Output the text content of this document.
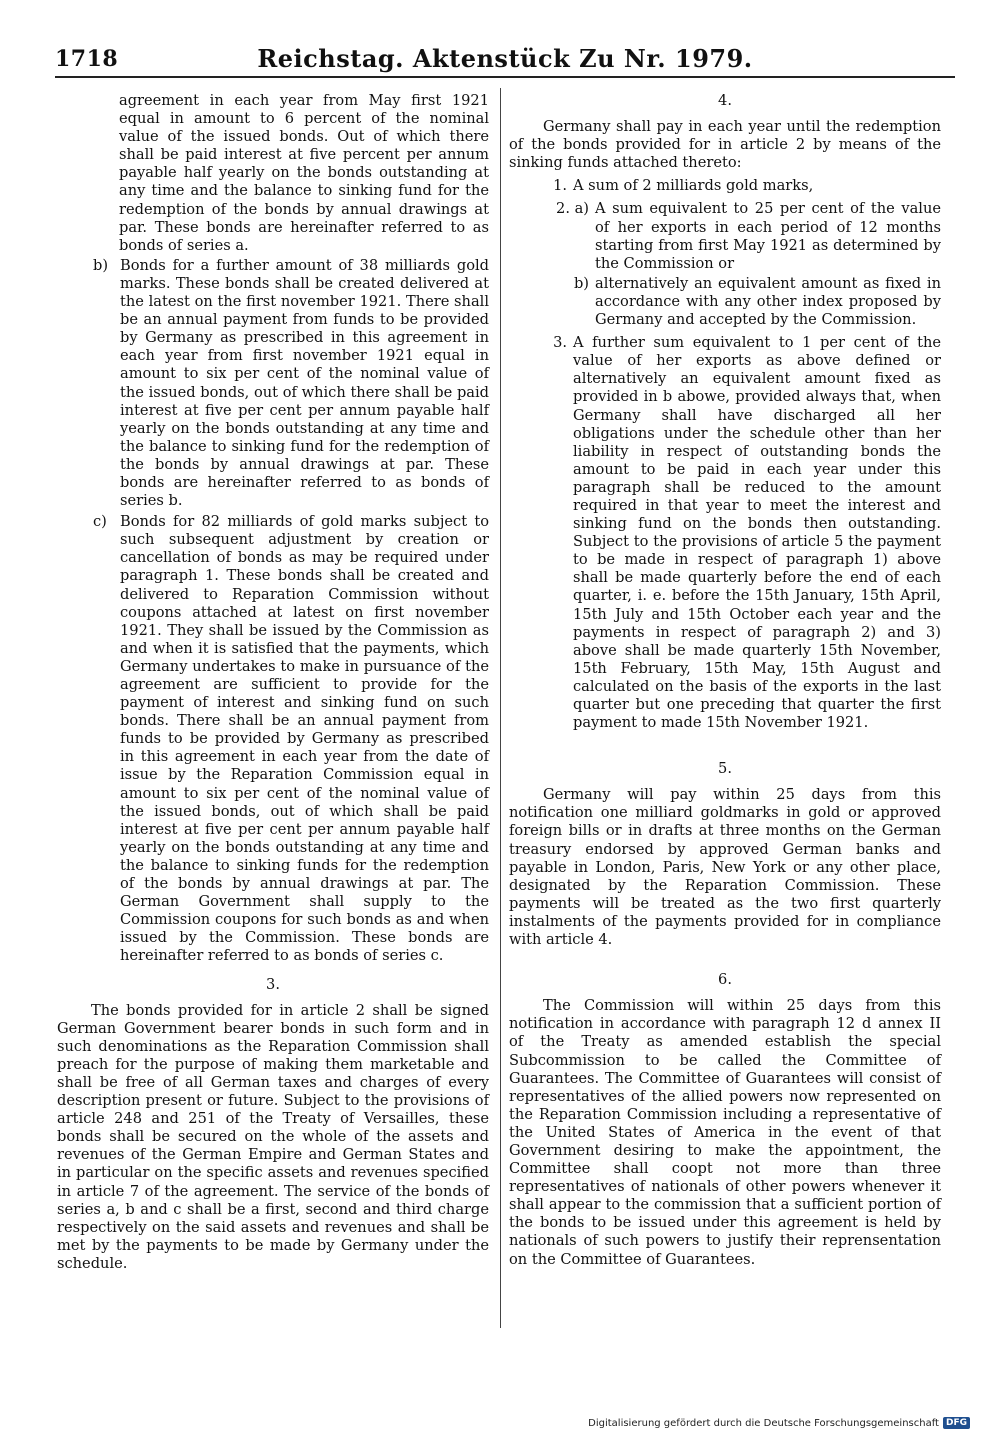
1718	Reichstag. Aktenstück Zu Nr. 1979.

agreement in each year from May first 1921 equal in amount to 6 percent of the nominal value of the issued bonds. Out of which there shall be paid interest at five percent per annum payable half yearly on the bonds outstanding at any time and the balance to sinking fund for the redemption of the bonds by annual drawings at par. These bonds are hereinafter referred to as bonds of series a.

b) Bonds for a further amount of 38 milliards gold marks. These bonds shall be created delivered at the latest on the first november 1921. There shall be an annual payment from funds to be provided by Germany as prescribed in this agreement in each year from first november 1921 equal in amount to six per cent of the nominal value of the issued bonds, out of which there shall be paid interest at five per cent per annum payable half yearly on the bonds outstanding at any time and the balance to sinking fund for the redemption of the bonds by annual drawings at par. These bonds are hereinafter referred to as bonds of series b.
c) Bonds for 82 milliards of gold marks subject to such subsequent adjustment by creation or cancellation of bonds as may be required under paragraph 1. These bonds shall be created and delivered to Reparation Commission without coupons attached at latest on first november 1921. They shall be issued by the Commission as and when it is satisfied that the payments, which Germany undertakes to make in pursuance of the agreement are sufficient to provide for the payment of interest and sinking fund on such bonds. There shall be an annual payment from funds to be provided by Germany as prescribed in this agreement in each year from the date of issue by the Reparation Commission equal in amount to six per cent of the nominal value of the issued bonds, out of which shall be paid interest at five per cent per annum payable half yearly on the bonds outstanding at any time and the balance to sinking funds for the redemption of the bonds by annual drawings at par. The German Government shall supply to the Commission coupons for such bonds as and when issued by the Commission. These bonds are hereinafter referred to as bonds of series c.

3.

The bonds provided for in article 2 shall be signed German Government bearer bonds in such form and in such denominations as the Reparation Commission shall preach for the purpose of making them marketable and shall be free of all German taxes and charges of every description present or future. Subject to the provisions of article 248 and 251 of the Treaty of Versailles, these bonds shall be secured on the whole of the assets and revenues of the German Empire and German States and in particular on the specific assets and revenues specified in article 7 of the agreement. The service of the bonds of series a, b and c shall be a first, second and third charge respectively on the said assets and revenues and shall be met by the payments to be made by Germany under the schedule.

4.

Germany shall pay in each year until the redemption of the bonds provided for in article 2 by means of the sinking funds attached thereto:

1. A sum of 2 milliards gold marks,
2. a) A sum equivalent to 25 per cent of the value of her exports in each period of 12 months starting from first May 1921 as determined by the Commission or
b) alternatively an equivalent amount as fixed in accordance with any other index proposed by Germany and accepted by the Commission.
3. A further sum equivalent to 1 per cent of the value of her exports as above defined or alternatively an equivalent amount fixed as provided in b abowe, provided always that, when Germany shall have discharged all her obligations under the schedule other than her liability in respect of outstanding bonds the amount to be paid in each year under this paragraph shall be reduced to the amount required in that year to meet the interest and sinking fund on the bonds then outstanding. Subject to the provisions of article 5 the payment to be made in respect of paragraph 1) above shall be made quarterly before the end of each quarter, i. e. before the 15th January, 15th April, 15th July and 15th October each year and the payments in respect of paragraph 2) and 3) above shall be made quarterly 15th November, 15th February, 15th May, 15th August and calculated on the basis of the exports in the last quarter but one preceding that quarter the first payment to made 15th November 1921.

5.

Germany will pay within 25 days from this notification one milliard goldmarks in gold or approved foreign bills or in drafts at three months on the German treasury endorsed by approved German banks and payable in London, Paris, New York or any other place, designated by the Reparation Commission. These payments will be treated as the two first quarterly instalments of the payments provided for in compliance with article 4.

6.

The Commission will within 25 days from this notification in accordance with paragraph 12 d annex II of the Treaty as amended establish the special Subcommission to be called the Committee of Guarantees. The Committee of Guarantees will consist of representatives of the allied powers now represented on the Reparation Commission including a representative of the United States of America in the event of that Government desiring to make the appointment, the Committee shall coopt not more than three representatives of nationals of other powers whenever it shall appear to the commission that a sufficient portion of the bonds to be issued under this agreement is held by nationals of such powers to justify their reprensentation on the Committee of Guarantees.

Digitalisierung gefördert durch die Deutsche Forschungsgemeinschaft DFG
